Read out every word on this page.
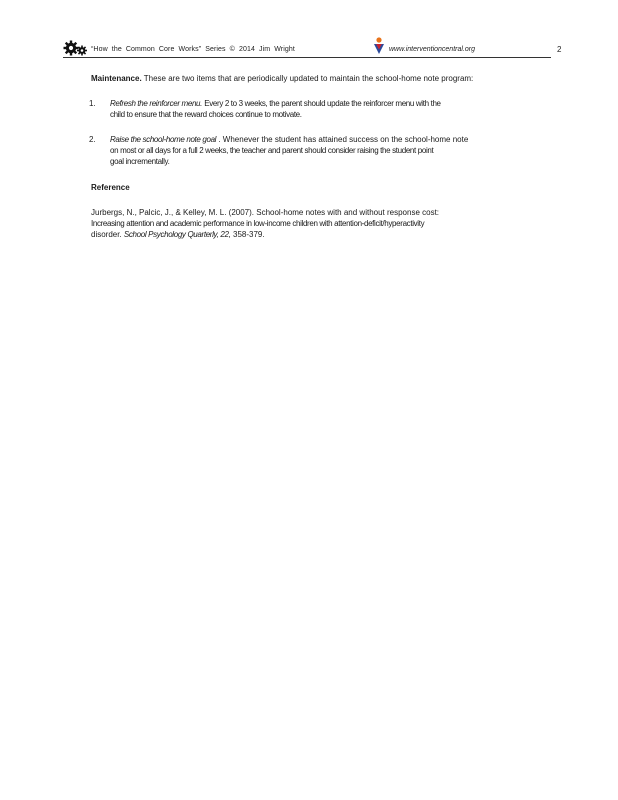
“How the Common Core Works” Series © 2014 Jim Wright	www.interventioncentral.org	2

Maintenance. These are two items that are periodically updated to maintain the school-home note program:

1. Refresh the reinforcer menu. Every 2 to 3 weeks, the parent should update the reinforcer menu with the
child to ensure that the reward choices continue to motivate.
2. Raise the school-home note goal . Whenever the student has attained success on the school-home note
on most or all days for a full 2 weeks, the teacher and parent should consider raising the student point
goal incrementally.
Reference
Jurbergs, N., Palcic, J., & Kelley, M. L. (2007). School-home notes with and without response cost:
Increasing attention and academic performance in low-income children with attention-deficit/hyperactivity
disorder. School Psychology Quarterly, 22, 358-379.
